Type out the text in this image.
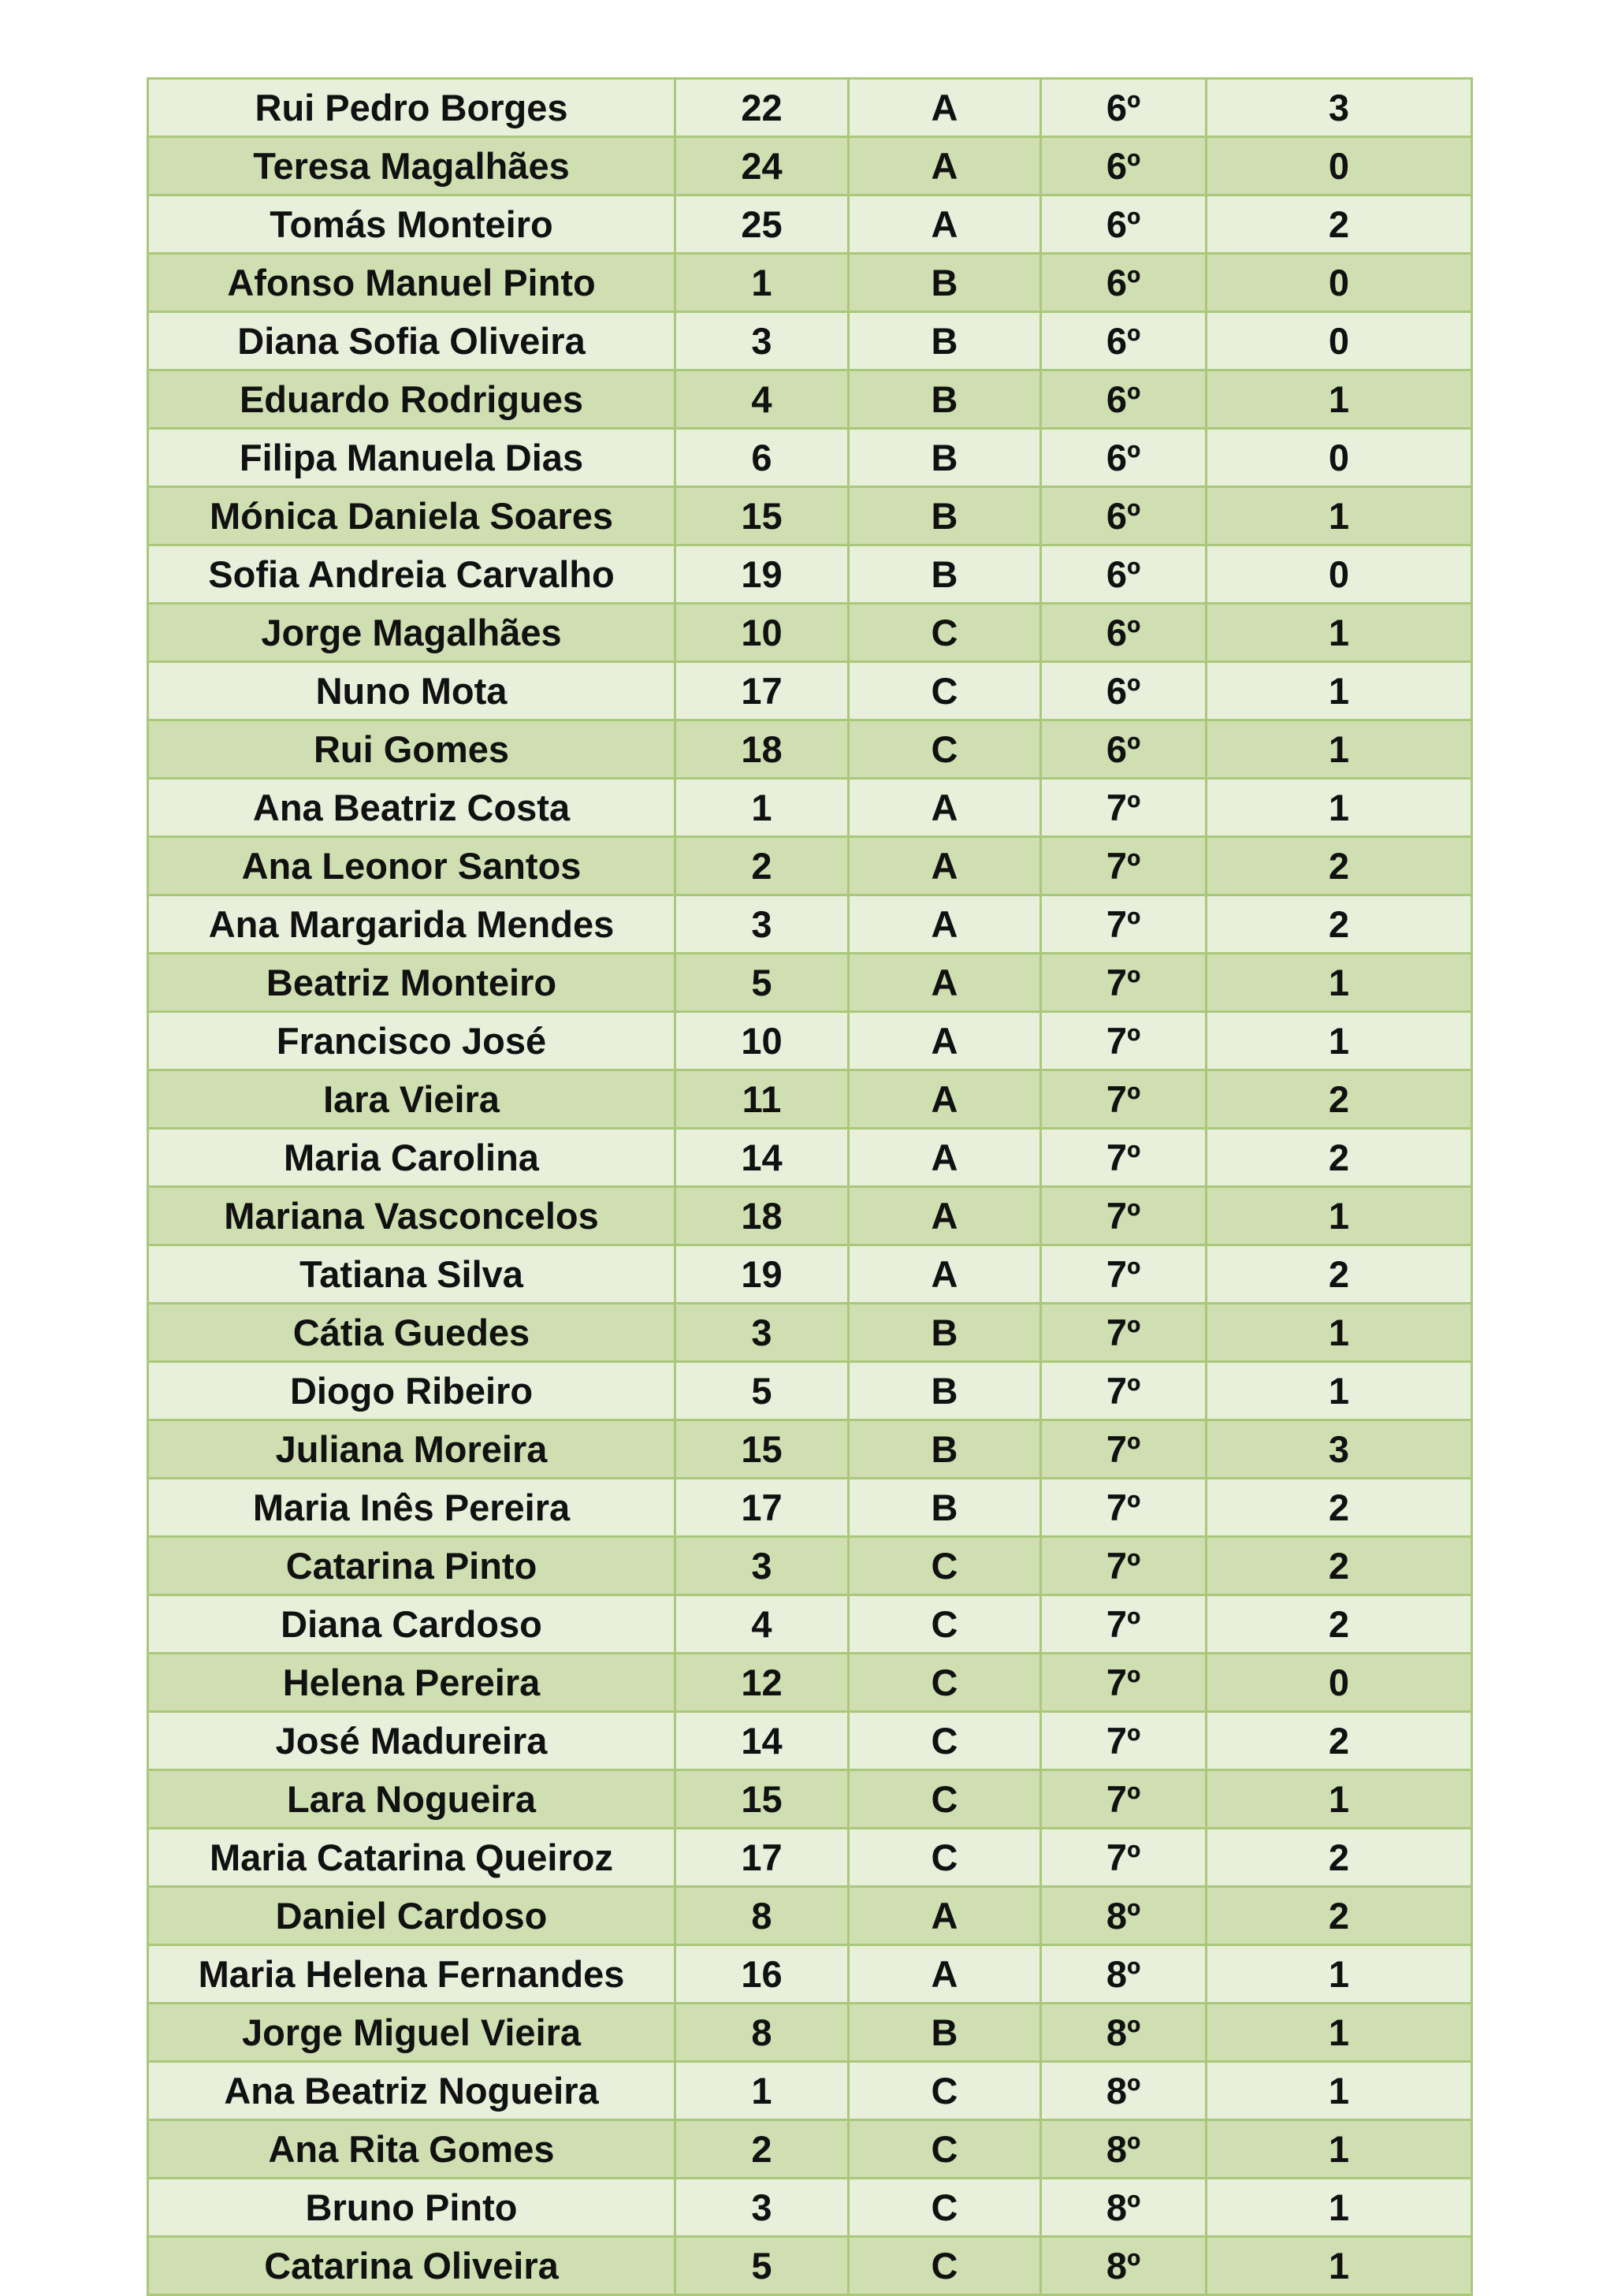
Rui Pedro Borges	22	A	6º	3
Teresa Magalhães	24	A	6º	0
Tomás Monteiro	25	A	6º	2
Afonso Manuel Pinto	1	B	6º	0
Diana Sofia Oliveira	3	B	6º	0
Eduardo Rodrigues	4	B	6º	1
Filipa Manuela Dias	6	B	6º	0
Mónica Daniela Soares	15	B	6º	1
Sofia Andreia Carvalho	19	B	6º	0
Jorge Magalhães	10	C	6º	1
Nuno Mota	17	C	6º	1
Rui Gomes	18	C	6º	1
Ana Beatriz Costa	1	A	7º	1
Ana Leonor Santos	2	A	7º	2
Ana Margarida Mendes	3	A	7º	2
Beatriz Monteiro	5	A	7º	1
Francisco José	10	A	7º	1
Iara Vieira	11	A	7º	2
Maria Carolina	14	A	7º	2
Mariana Vasconcelos	18	A	7º	1
Tatiana Silva	19	A	7º	2
Cátia Guedes	3	B	7º	1
Diogo Ribeiro	5	B	7º	1
Juliana Moreira	15	B	7º	3
Maria Inês Pereira	17	B	7º	2
Catarina Pinto	3	C	7º	2
Diana Cardoso	4	C	7º	2
Helena Pereira	12	C	7º	0
José Madureira	14	C	7º	2
Lara Nogueira	15	C	7º	1
Maria Catarina Queiroz	17	C	7º	2
Daniel Cardoso	8	A	8º	2
Maria Helena Fernandes	16	A	8º	1
Jorge Miguel Vieira	8	B	8º	1
Ana Beatriz Nogueira	1	C	8º	1
Ana Rita Gomes	2	C	8º	1
Bruno Pinto	3	C	8º	1
Catarina Oliveira	5	C	8º	1
